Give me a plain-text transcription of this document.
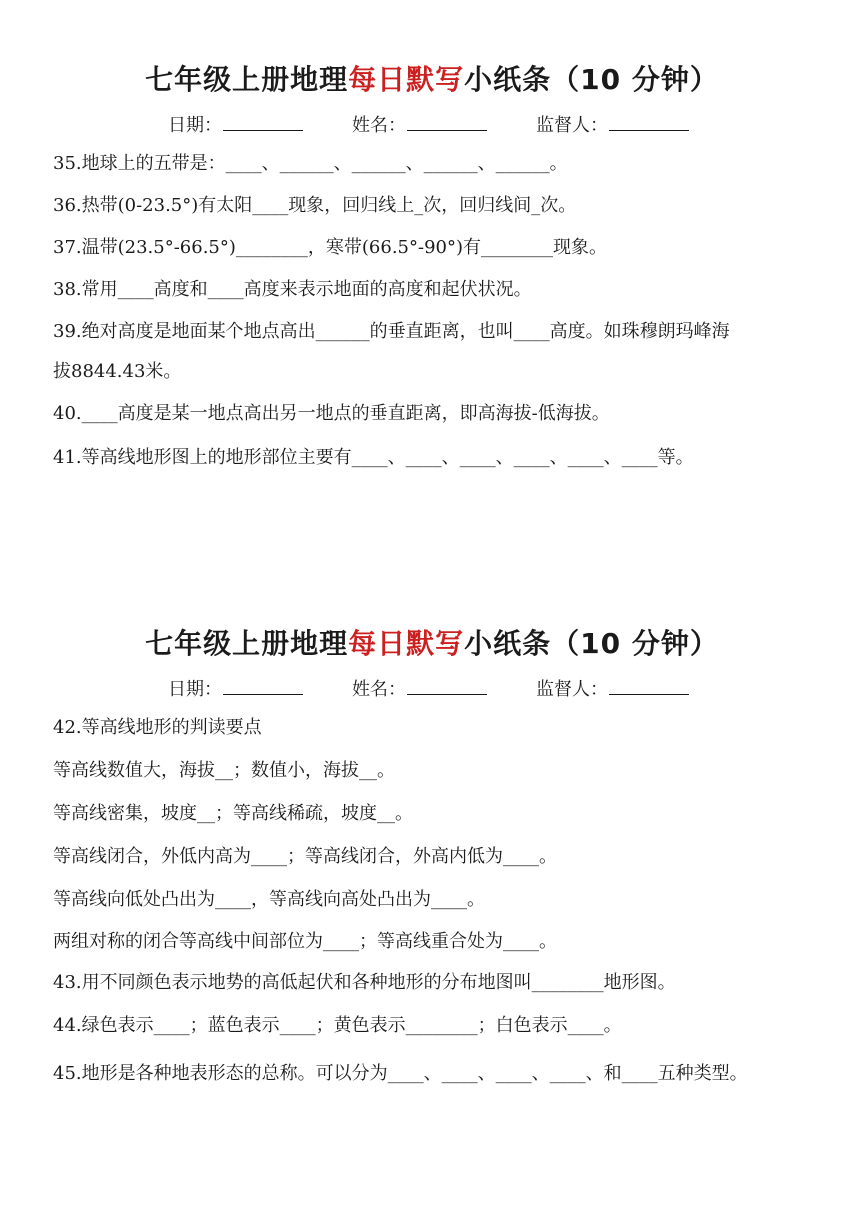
七年级上册地理每日默写小纸条（10 分钟）
日期：	姓名：	监督人：
35.地球上的五带是：____、______、______、______、______。
36.热带(0-23.5°)有太阳____现象，回归线上_次，回归线间_次。
37.温带(23.5°-66.5°)________，寒带(66.5°-90°)有________现象。
38.常用____高度和____高度来表示地面的高度和起伏状况。
39.绝对高度是地面某个地点高出______的垂直距离，也叫____高度。如珠穆朗玛峰海
拔8844.43米。
40.____高度是某一地点高出另一地点的垂直距离，即高海拔-低海拔。
41.等高线地形图上的地形部位主要有____、____、____、____、____、____等。
七年级上册地理每日默写小纸条（10 分钟）
日期：	姓名：	监督人：
42.等高线地形的判读要点
等高线数值大，海拔__；数值小，海拔__。
等高线密集，坡度__；等高线稀疏，坡度__。
等高线闭合，外低内高为____；等高线闭合，外高内低为____。
等高线向低处凸出为____，等高线向高处凸出为____。
两组对称的闭合等高线中间部位为____；等高线重合处为____。
43.用不同颜色表示地势的高低起伏和各种地形的分布地图叫________地形图。
44.绿色表示____；蓝色表示____；黄色表示________；白色表示____。
45.地形是各种地表形态的总称。可以分为____、____、____、____、和____五种类型。
